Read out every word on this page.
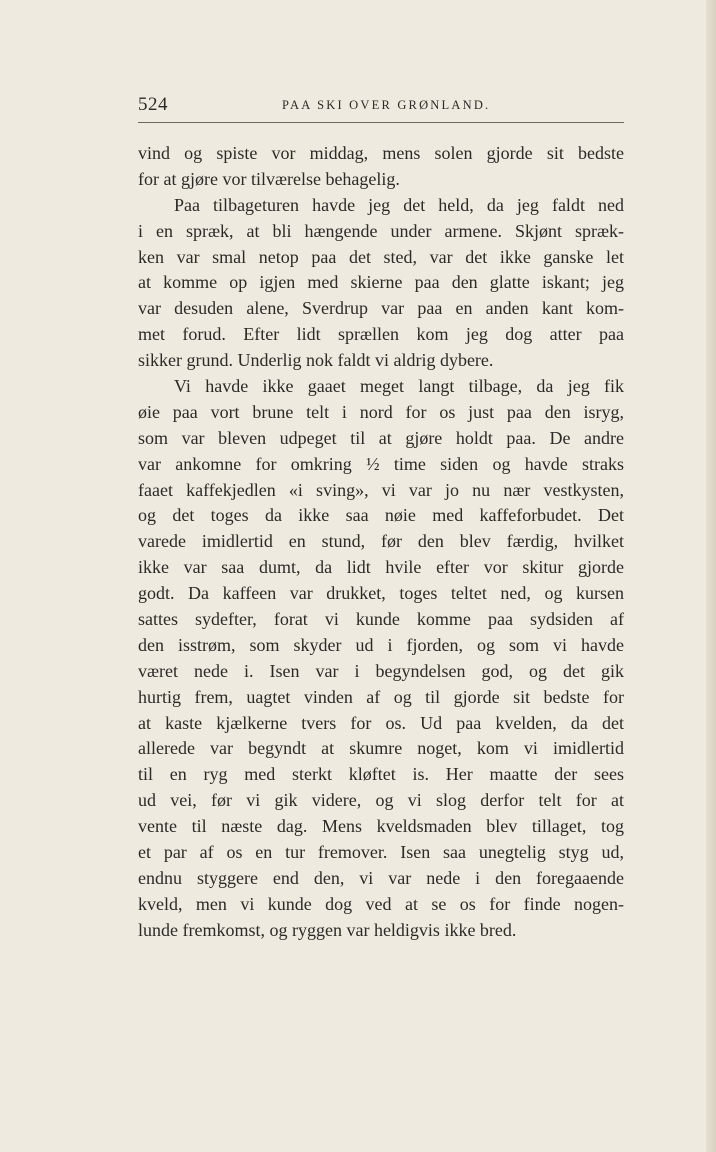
524	PAA SKI OVER GRØNLAND.
vind og spiste vor middag, mens solen gjorde sit bedste
for at gjøre vor tilværelse behagelig.
Paa tilbageturen havde jeg det held, da jeg faldt ned
i en spræk, at bli hængende under armene. Skjønt spræk-
ken var smal netop paa det sted, var det ikke ganske let
at komme op igjen med skierne paa den glatte iskant; jeg
var desuden alene, Sverdrup var paa en anden kant kom-
met forud. Efter lidt sprællen kom jeg dog atter paa
sikker grund. Underlig nok faldt vi aldrig dybere.
Vi havde ikke gaaet meget langt tilbage, da jeg fik
øie paa vort brune telt i nord for os just paa den isryg,
som var bleven udpeget til at gjøre holdt paa. De andre
var ankomne for omkring ½ time siden og havde straks
faaet kaffekjedlen «i sving», vi var jo nu nær vestkysten,
og det toges da ikke saa nøie med kaffeforbudet. Det
varede imidlertid en stund, før den blev færdig, hvilket
ikke var saa dumt, da lidt hvile efter vor skitur gjorde
godt. Da kaffeen var drukket, toges teltet ned, og kursen
sattes sydefter, forat vi kunde komme paa sydsiden af
den isstrøm, som skyder ud i fjorden, og som vi havde
været nede i. Isen var i begyndelsen god, og det gik
hurtig frem, uagtet vinden af og til gjorde sit bedste for
at kaste kjælkerne tvers for os. Ud paa kvelden, da det
allerede var begyndt at skumre noget, kom vi imidlertid
til en ryg med sterkt kløftet is. Her maatte der sees
ud vei, før vi gik videre, og vi slog derfor telt for at
vente til næste dag. Mens kveldsmaden blev tillaget, tog
et par af os en tur fremover. Isen saa unegtelig styg ud,
endnu styggere end den, vi var nede i den foregaaende
kveld, men vi kunde dog ved at se os for finde nogen-
lunde fremkomst, og ryggen var heldigvis ikke bred.
